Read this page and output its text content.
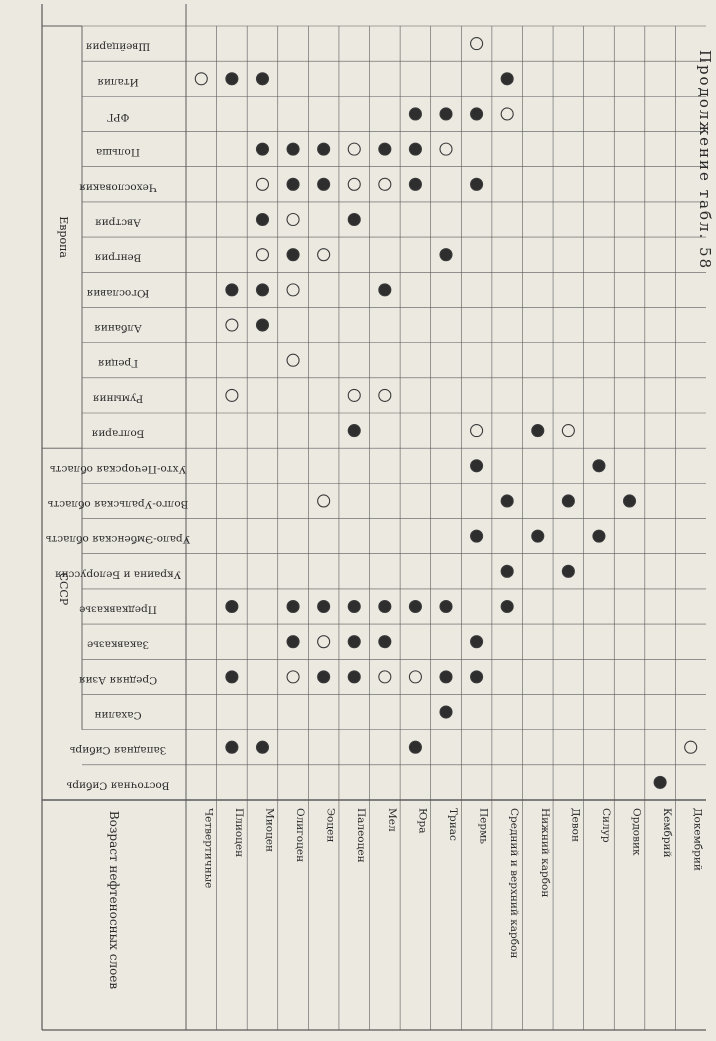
Продолжение табл. 58
Возраст нефтеносных слоев
Европа
СССР
Швейцария
Италия
ФРГ
Польша
Чехословакия
Австрия
Венгрия
Югославия
Албания
Греция
Румыния
Болгария
Ухто-Печорская область
Волго-Уральская область
Урало-Эмбенская область
Украина и Белоруссия
Предкавказье
Закавказье
Средняя Азия
Сахалин
Западная Сибирь
Восточная Сибирь
Четвертичные Плиоцен Миоцен Олигоцен Эоцен Палеоцен Мел Юра Триас Пермь Средний и верхний карбон Нижний карбон Девон Силур Ордовик Кембрий Докембрий
